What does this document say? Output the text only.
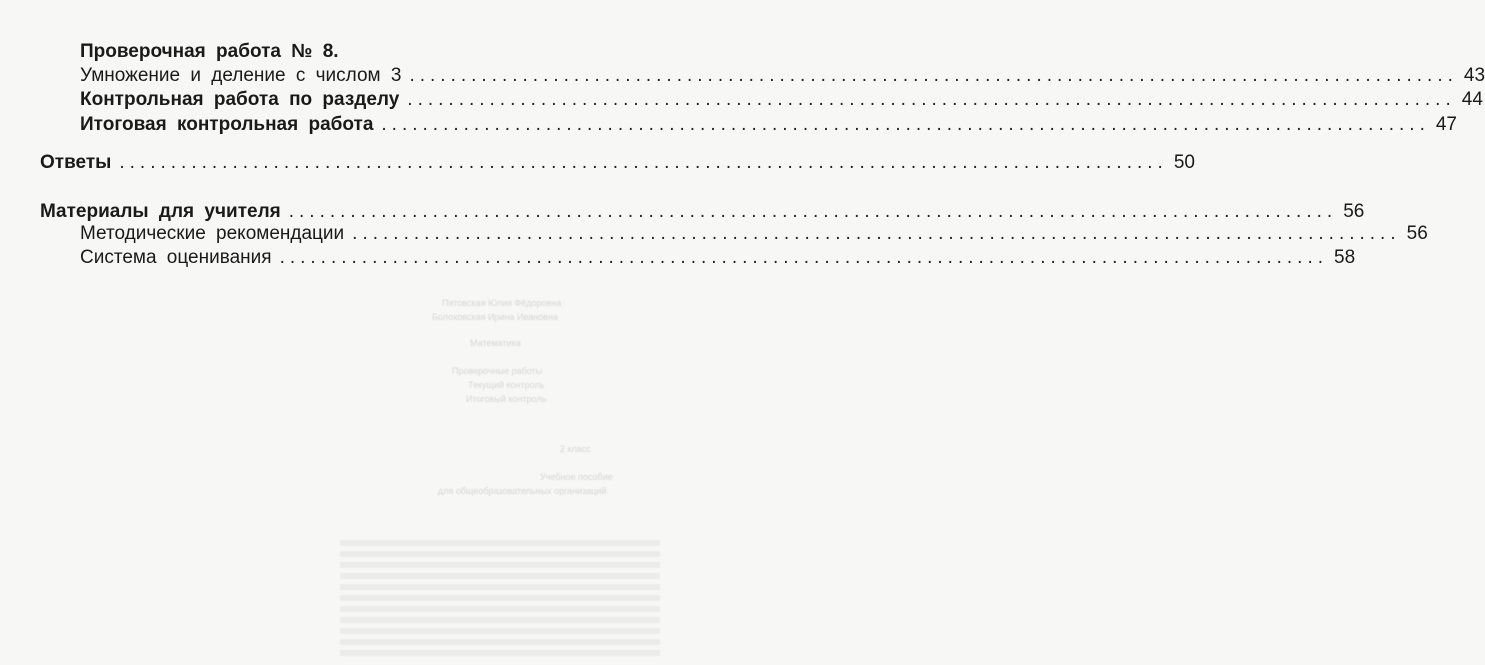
Пятовская Юлия Фёдоровна
Болоховская Ирина Ивановна
Математика
Проверочные работы
Текущий контроль
Итоговый контроль
2 класс
Учебное пособие
для общеобразовательных организаций
Проверочная работа № 8.
Умножение и деление с числом 3 ...................................................................................................... 43
Контрольная работа по разделу ...................................................................................................... 44
Итоговая контрольная работа ...................................................................................................... 47
Ответы ...................................................................................................... 50
Материалы для учителя ...................................................................................................... 56
Методические рекомендации ...................................................................................................... 56
Система оценивания ...................................................................................................... 58
